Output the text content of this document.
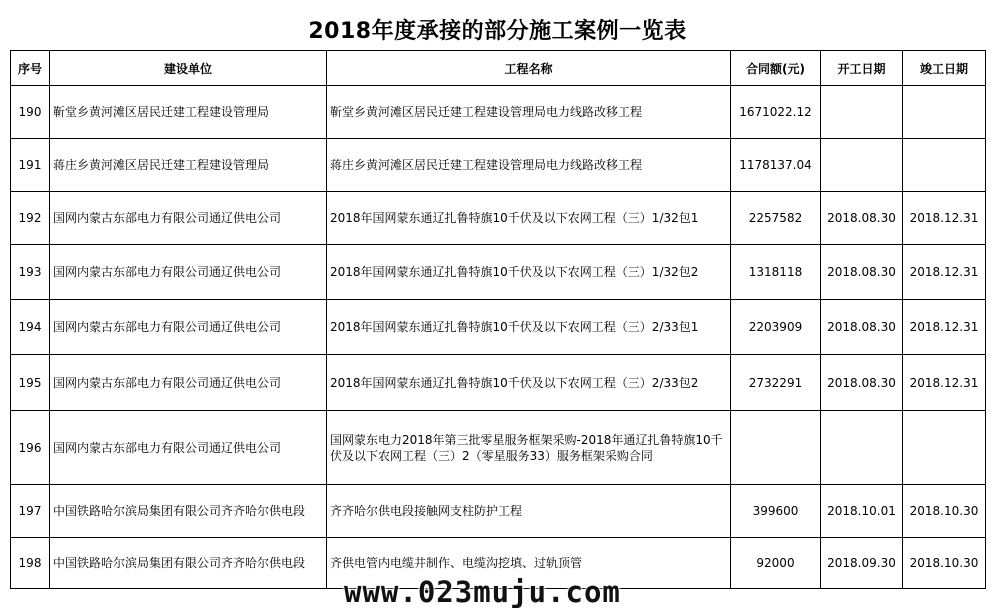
2018年度承接的部分施工案例一览表
序号	建设单位	工程名称	合同额(元)	开工日期	竣工日期
190	靳堂乡黄河滩区居民迁建工程建设管理局	靳堂乡黄河滩区居民迁建工程建设管理局电力线路改移工程	1671022.12		
191	蒋庄乡黄河滩区居民迁建工程建设管理局	蒋庄乡黄河滩区居民迁建工程建设管理局电力线路改移工程	1178137.04		
192	国网内蒙古东部电力有限公司通辽供电公司	2018年国网蒙东通辽扎鲁特旗10千伏及以下农网工程（三）1/32包1	2257582	2018.08.30	2018.12.31
193	国网内蒙古东部电力有限公司通辽供电公司	2018年国网蒙东通辽扎鲁特旗10千伏及以下农网工程（三）1/32包2	1318118	2018.08.30	2018.12.31
194	国网内蒙古东部电力有限公司通辽供电公司	2018年国网蒙东通辽扎鲁特旗10千伏及以下农网工程（三）2/33包1	2203909	2018.08.30	2018.12.31
195	国网内蒙古东部电力有限公司通辽供电公司	2018年国网蒙东通辽扎鲁特旗10千伏及以下农网工程（三）2/33包2	2732291	2018.08.30	2018.12.31
196	国网内蒙古东部电力有限公司通辽供电公司	国网蒙东电力2018年第三批零星服务框架采购-2018年通辽扎鲁特旗10千伏及以下农网工程（三）2（零星服务33）服务框架采购合同			
197	中国铁路哈尔滨局集团有限公司齐齐哈尔供电段	齐齐哈尔供电段接触网支柱防护工程	399600	2018.10.01	2018.10.30
198	中国铁路哈尔滨局集团有限公司齐齐哈尔供电段	齐供电管内电缆井制作、电缆沟挖填、过轨顶管	92000	2018.09.30	2018.10.30
www.023muju.com
